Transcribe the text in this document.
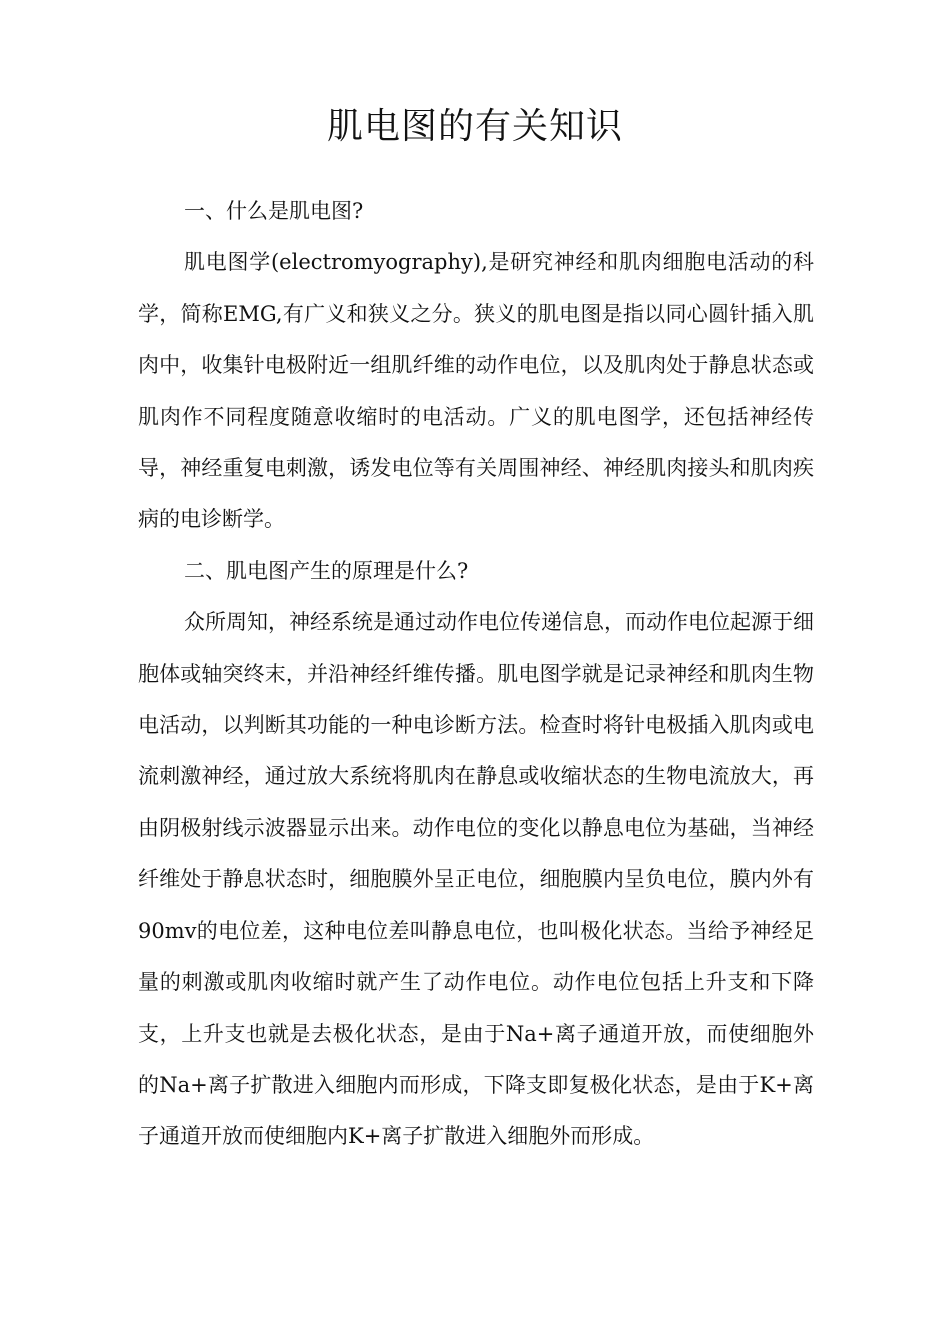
肌电图的有关知识

一、什么是肌电图?

肌电图学(electromyography),是研究神经和肌肉细胞电活动的科学，简称EMG,有广义和狭义之分。狭义的肌电图是指以同心圆针插入肌肉中，收集针电极附近一组肌纤维的动作电位，以及肌肉处于静息状态或肌肉作不同程度随意收缩时的电活动。广义的肌电图学，还包括神经传导，神经重复电刺激，诱发电位等有关周围神经、神经肌肉接头和肌肉疾病的电诊断学。

二、肌电图产生的原理是什么?

众所周知，神经系统是通过动作电位传递信息，而动作电位起源于细胞体或轴突终末，并沿神经纤维传播。肌电图学就是记录神经和肌肉生物电活动，以判断其功能的一种电诊断方法。检查时将针电极插入肌肉或电流刺激神经，通过放大系统将肌肉在静息或收缩状态的生物电流放大，再由阴极射线示波器显示出来。动作电位的变化以静息电位为基础，当神经纤维处于静息状态时，细胞膜外呈正电位，细胞膜内呈负电位，膜内外有90mv的电位差，这种电位差叫静息电位，也叫极化状态。当给予神经足量的刺激或肌肉收缩时就产生了动作电位。动作电位包括上升支和下降支，上升支也就是去极化状态，是由于Na+离子通道开放，而使细胞外的Na+离子扩散进入细胞内而形成，下降支即复极化状态，是由于K+离子通道开放而使细胞内K+离子扩散进入细胞外而形成。
